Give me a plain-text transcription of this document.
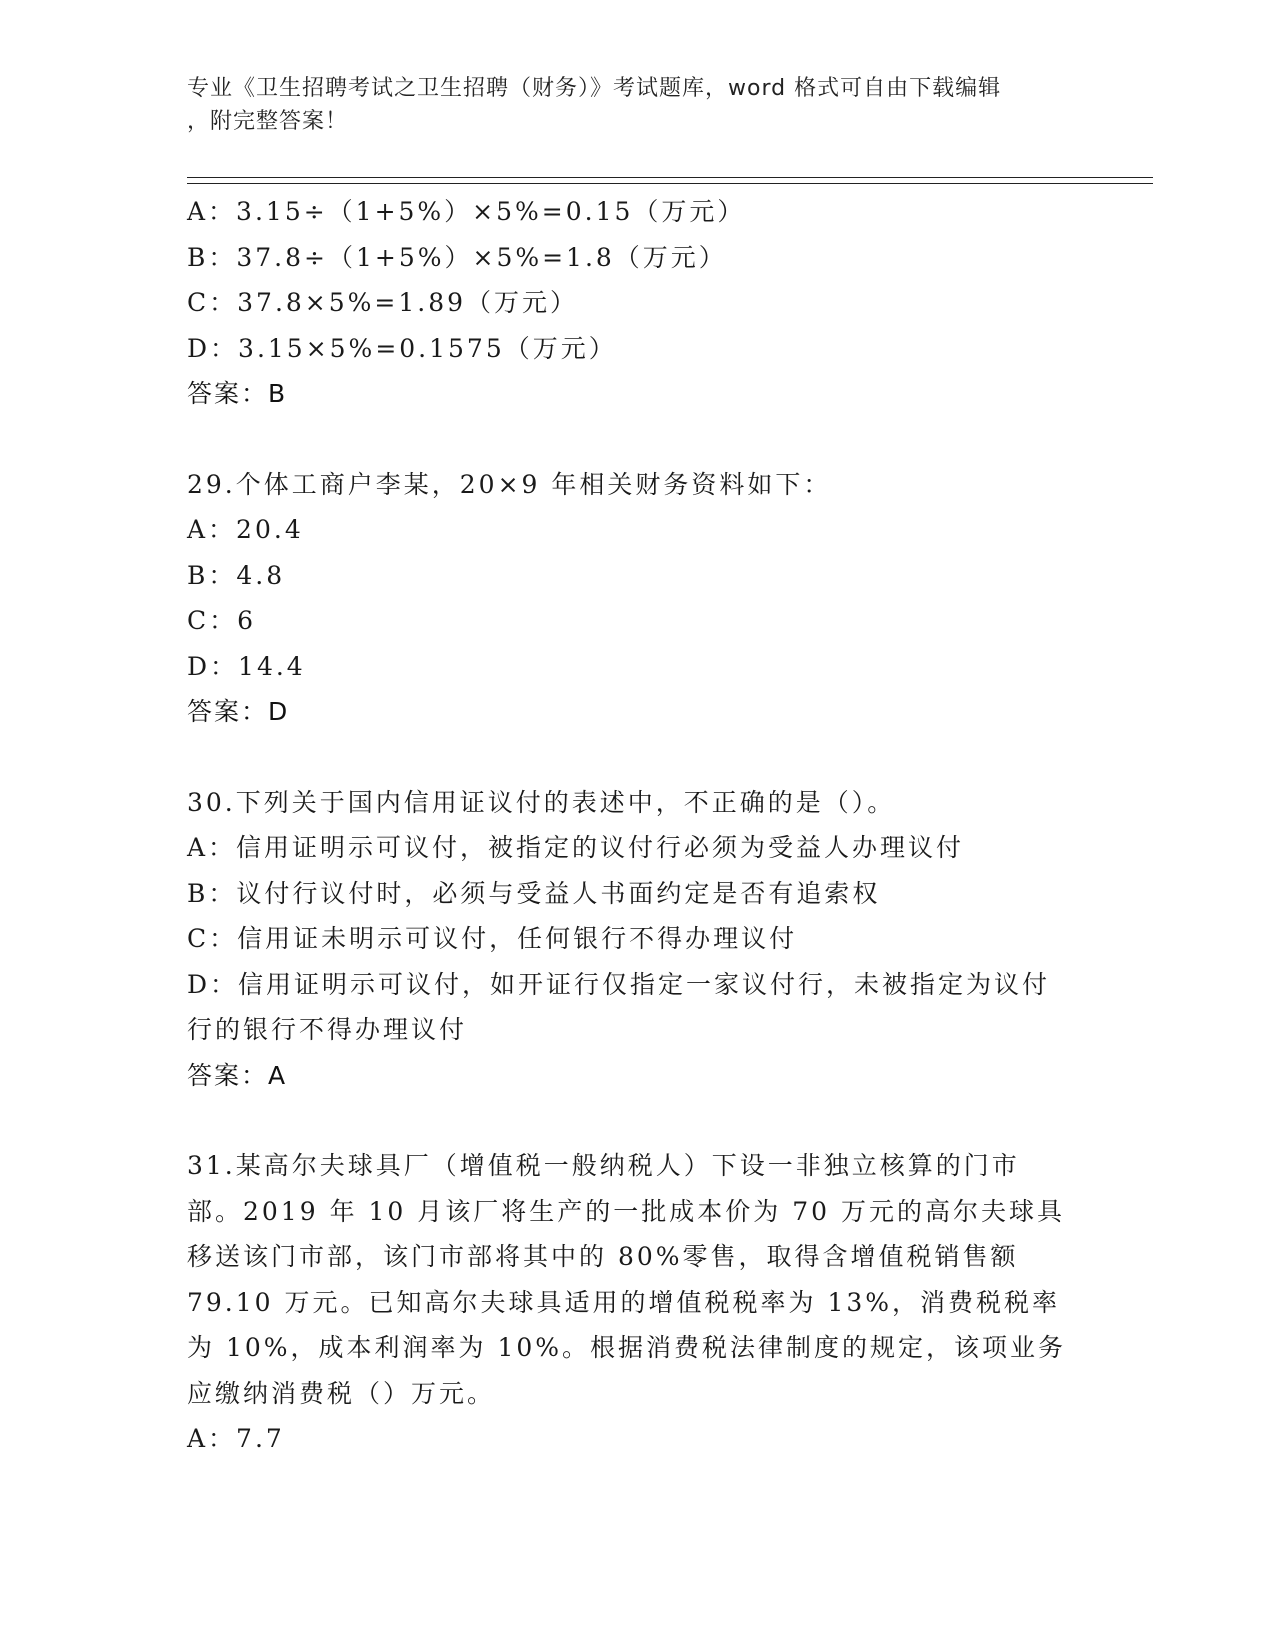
专业《卫生招聘考试之卫生招聘（财务）》考试题库，word 格式可自由下载编辑
，附完整答案！
A：3.15÷（1+5%）×5%=0.15（万元）
B：37.8÷（1+5%）×5%=1.8（万元）
C：37.8×5%=1.89（万元）
D：3.15×5%=0.1575（万元）
答案：B
29.个体工商户李某，20×9 年相关财务资料如下：
A：20.4
B：4.8
C：6
D：14.4
答案：D
30.下列关于国内信用证议付的表述中，不正确的是（）。
A：信用证明示可议付，被指定的议付行必须为受益人办理议付
B：议付行议付时，必须与受益人书面约定是否有追索权
C：信用证未明示可议付，任何银行不得办理议付
D：信用证明示可议付，如开证行仅指定一家议付行，未被指定为议付行的银行不得办理议付
答案：A
31.某高尔夫球具厂（增值税一般纳税人）下设一非独立核算的门市部。2019 年 10 月该厂将生产的一批成本价为 70 万元的高尔夫球具移送该门市部，该门市部将其中的 80%零售，取得含增值税销售额 79.10 万元。已知高尔夫球具适用的增值税税率为 13%，消费税税率为 10%，成本利润率为 10%。根据消费税法律制度的规定，该项业务应缴纳消费税（）万元。
A：7.7
